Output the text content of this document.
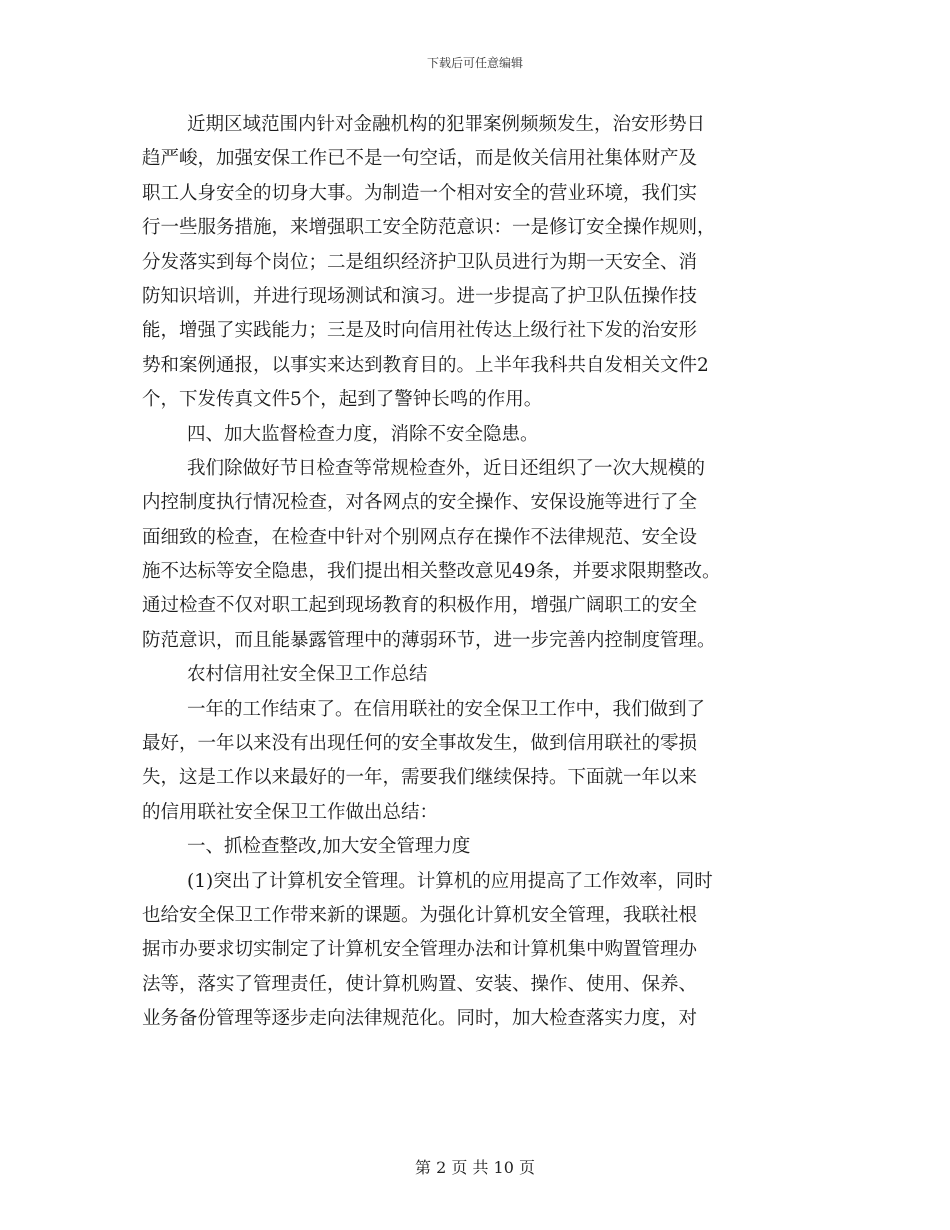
下载后可任意编辑
近期区域范围内针对金融机构的犯罪案例频频发生，治安形势日
趋严峻，加强安保工作已不是一句空话，而是攸关信用社集体财产及
职工人身安全的切身大事。为制造一个相对安全的营业环境，我们实
行一些服务措施，来增强职工安全防范意识：一是修订安全操作规则，
分发落实到每个岗位；二是组织经济护卫队员进行为期一天安全、消
防知识培训，并进行现场测试和演习。进一步提高了护卫队伍操作技
能，增强了实践能力；三是及时向信用社传达上级行社下发的治安形
势和案例通报，以事实来达到教育目的。上半年我科共自发相关文件2
个，下发传真文件5个，起到了警钟长鸣的作用。
四、加大监督检查力度，消除不安全隐患。
我们除做好节日检查等常规检查外，近日还组织了一次大规模的
内控制度执行情况检查，对各网点的安全操作、安保设施等进行了全
面细致的检查，在检查中针对个别网点存在操作不法律规范、安全设
施不达标等安全隐患，我们提出相关整改意见49条，并要求限期整改。
通过检查不仅对职工起到现场教育的积极作用，增强广阔职工的安全
防范意识，而且能暴露管理中的薄弱环节，进一步完善内控制度管理。
农村信用社安全保卫工作总结
一年的工作结束了。在信用联社的安全保卫工作中，我们做到了
最好，一年以来没有出现任何的安全事故发生，做到信用联社的零损
失，这是工作以来最好的一年，需要我们继续保持。下面就一年以来
的信用联社安全保卫工作做出总结：
一、抓检查整改,加大安全管理力度
(1)突出了计算机安全管理。计算机的应用提高了工作效率，同时
也给安全保卫工作带来新的课题。为强化计算机安全管理，我联社根
据市办要求切实制定了计算机安全管理办法和计算机集中购置管理办
法等，落实了管理责任，使计算机购置、安装、操作、使用、保养、
业务备份管理等逐步走向法律规范化。同时，加大检查落实力度，对
第 2 页 共 10 页
